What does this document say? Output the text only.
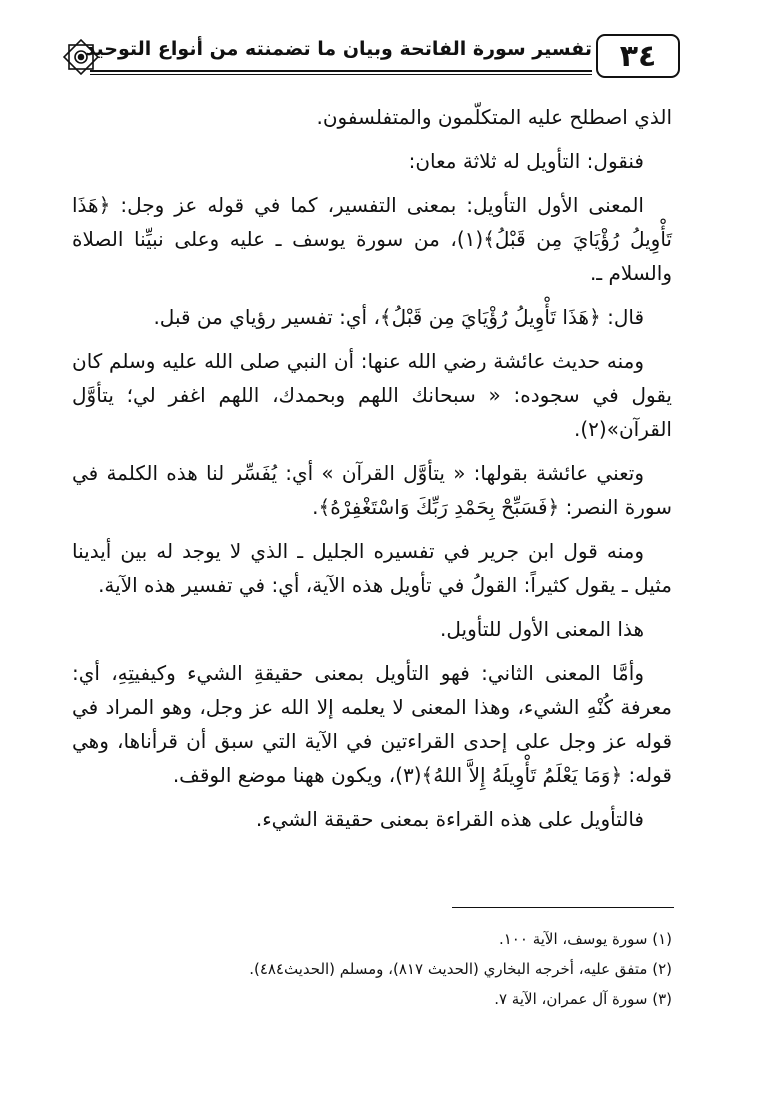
تفسير سورة الفاتحة وبيان ما تضمنته من أنواع التوحيد ٣٤

الذي اصطلح عليه المتكلّمون والمتفلسفون.

فنقول: التأويل له ثلاثة معان:

المعنى الأول التأويل: بمعنى التفسير، كما في قوله عز وجل: ﴿هَذَا تَأْوِيلُ رُؤْيَايَ مِن قَبْلُ﴾(١)، من سورة يوسف ـ عليه وعلى نبيِّنا الصلاة والسلام ـ.

قال: ﴿هَذَا تَأْوِيلُ رُؤْيَايَ مِن قَبْلُ﴾، أي: تفسير رؤياي من قبل.

ومنه حديث عائشة رضي الله عنها: أن النبي صلى الله عليه وسلم كان يقول في سجوده: « سبحانك اللهم وبحمدك، اللهم اغفر لي؛ يتأوَّل القرآن»(٢).

وتعني عائشة بقولها: « يتأوَّل القرآن » أي: يُفَسِّر لنا هذه الكلمة في سورة النصر: ﴿فَسَبِّحْ بِحَمْدِ رَبِّكَ وَاسْتَغْفِرْهُ﴾.

ومنه قول ابن جرير في تفسيره الجليل ـ الذي لا يوجد له بين أيدينا مثيل ـ يقول كثيراً: القولُ في تأويل هذه الآية، أي: في تفسير هذه الآية.

هذا المعنى الأول للتأويل.

وأمَّا المعنى الثاني: فهو التأويل بمعنى حقيقةِ الشيء وكيفيتِهِ، أي: معرفة كُنْهِ الشيء، وهذا المعنى لا يعلمه إلا الله عز وجل، وهو المراد في قوله عز وجل على إحدى القراءتين في الآية التي سبق أن قرأناها، وهي قوله: ﴿وَمَا يَعْلَمُ تَأْوِيلَهُ إِلاَّ اللهُ﴾(٣)، ويكون ههنا موضع الوقف.

فالتأويل على هذه القراءة بمعنى حقيقة الشيء.

(١) سورة يوسف، الآية ١٠٠.

(٢) متفق عليه، أخرجه البخاري (الحديث ٨١٧)، ومسلم (الحديث٤٨٤).

(٣) سورة آل عمران، الآية ٧.
